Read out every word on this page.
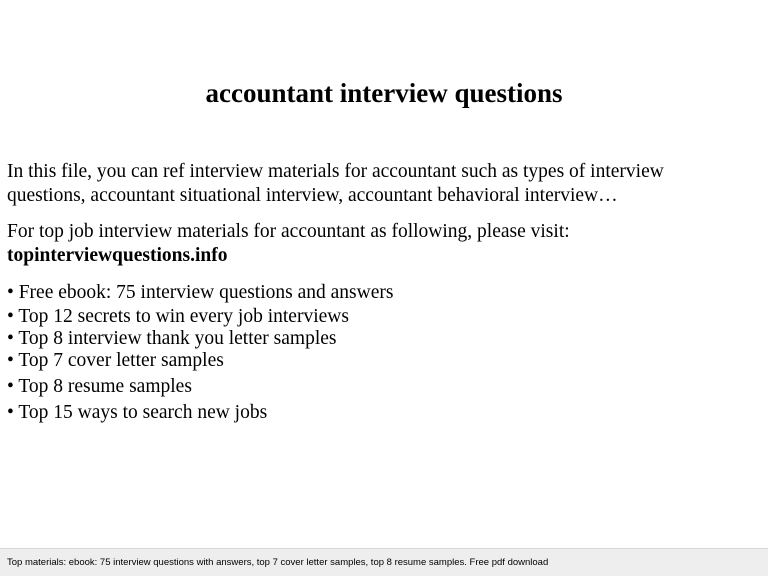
accountant interview questions

In this file, you can ref interview materials for accountant such as types of interview
questions, accountant situational interview, accountant behavioral interview…

For top job interview materials for accountant as following, please visit:
topinterviewquestions.info

• Free ebook: 75 interview questions and answers
• Top 12 secrets to win every job interviews
• Top 8 interview thank you letter samples
• Top 7 cover letter samples
• Top 8 resume samples
• Top 15 ways to search new jobs
Top materials: ebook: 75 interview questions with answers, top 7 cover letter samples, top 8 resume samples. Free pdf download
